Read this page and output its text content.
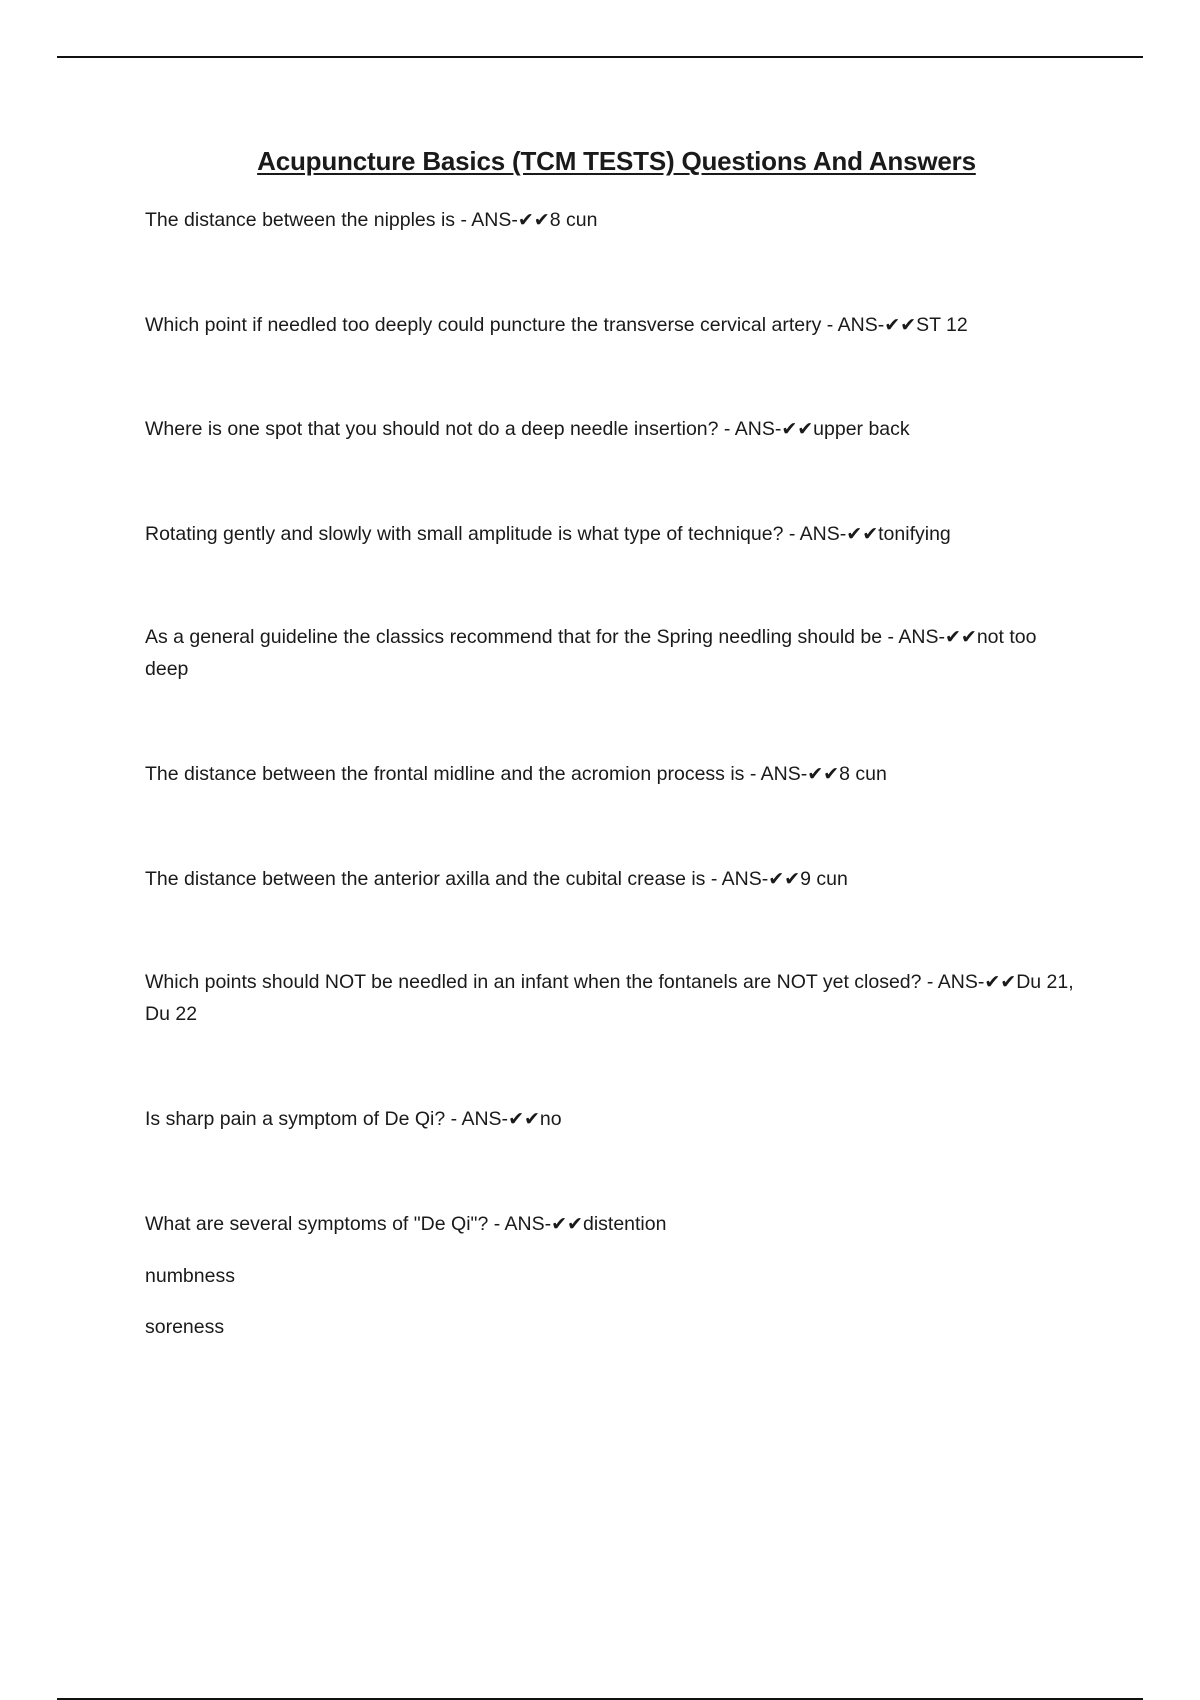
Acupuncture Basics (TCM TESTS) Questions And Answers

The distance between the nipples is - ANS-✔✔8 cun

Which point if needled too deeply could puncture the transverse cervical artery - ANS-✔✔ST 12

Where is one spot that you should not do a deep needle insertion? - ANS-✔✔upper back

Rotating gently and slowly with small amplitude is what type of technique? - ANS-✔✔tonifying

As a general guideline the classics recommend that for the Spring needling should be - ANS-✔✔not too deep

The distance between the frontal midline and the acromion process is - ANS-✔✔8 cun

The distance between the anterior axilla and the cubital crease is - ANS-✔✔9 cun

Which points should NOT be needled in an infant when the fontanels are NOT yet closed? - ANS-✔✔Du 21, Du 22

Is sharp pain a symptom of De Qi? - ANS-✔✔no

What are several symptoms of "De Qi"? - ANS-✔✔distention

numbness

soreness
